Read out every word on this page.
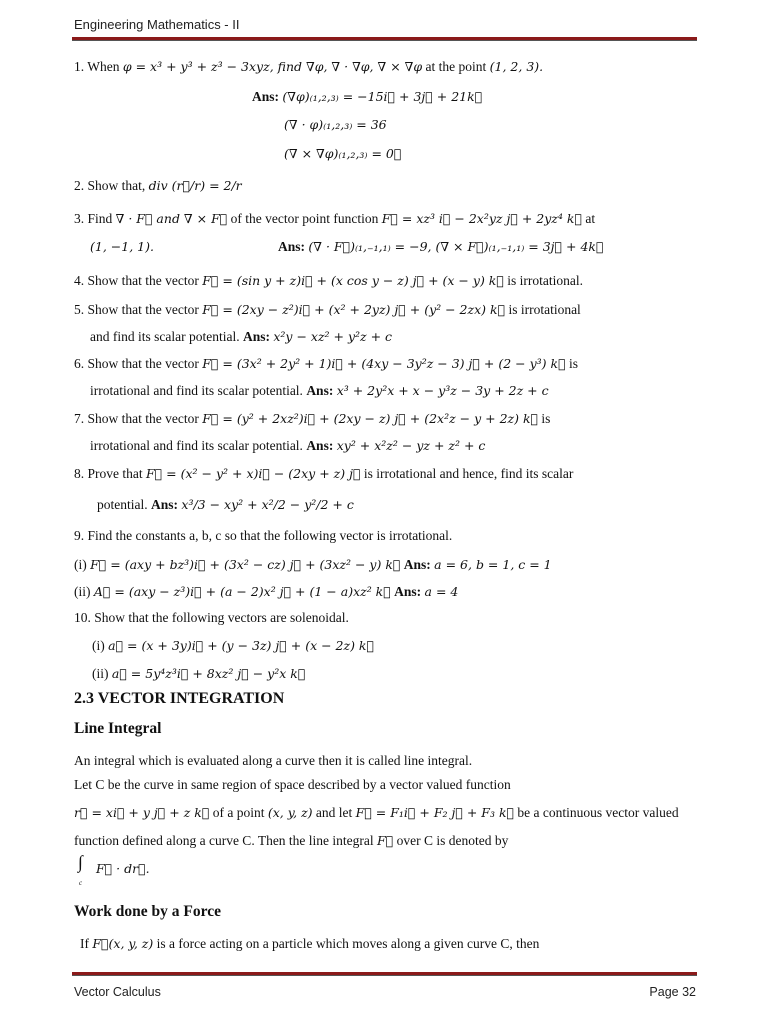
Engineering Mathematics - II
1. When φ = x³ + y³ + z³ − 3xyz, find ∇φ, ∇ · ∇φ, ∇ × ∇φ at the point (1, 2, 3).
Ans: (∇φ)₍₁,₂,₃₎ = −15i⃗ + 3j⃗ + 21k⃗
(∇ · φ)₍₁,₂,₃₎ = 36
(∇ × ∇φ)₍₁,₂,₃₎ = 0⃗
2. Show that, div (r⃗/r) = 2/r
3. Find ∇ · F⃗ and ∇ × F⃗ of the vector point function F⃗ = xz³ i⃗ − 2x²yz j⃗ + 2yz⁴ k⃗ at
(1, −1, 1).	Ans: (∇ · F⃗)₍₁,₋₁,₁₎ = −9, (∇ × F⃗)₍₁,₋₁,₁₎ = 3j⃗ + 4k⃗
4. Show that the vector F⃗ = (sin y + z)i⃗ + (x cos y − z) j⃗ + (x − y) k⃗ is irrotational.
5. Show that the vector F⃗ = (2xy − z²)i⃗ + (x² + 2yz) j⃗ + (y² − 2zx) k⃗ is irrotational
and find its scalar potential. Ans: x²y − xz² + y²z + c
6. Show that the vector F⃗ = (3x² + 2y² + 1)i⃗ + (4xy − 3y²z − 3) j⃗ + (2 − y³) k⃗ is
irrotational and find its scalar potential. Ans: x³ + 2y²x + x − y³z − 3y + 2z + c
7. Show that the vector F⃗ = (y² + 2xz²)i⃗ + (2xy − z) j⃗ + (2x²z − y + 2z) k⃗ is
irrotational and find its scalar potential. Ans: xy² + x²z² − yz + z² + c
8. Prove that F⃗ = (x² − y² + x)i⃗ − (2xy + z) j⃗ is irrotational and hence, find its scalar
potential. Ans: x³/3 − xy² + x²/2 − y²/2 + c
9. Find the constants a, b, c so that the following vector is irrotational.
(i) F⃗ = (axy + bz³)i⃗ + (3x² − cz) j⃗ + (3xz² − y) k⃗ Ans: a = 6, b = 1, c = 1
(ii) A⃗ = (axy − z³)i⃗ + (a − 2)x² j⃗ + (1 − a)xz² k⃗ Ans: a = 4
10. Show that the following vectors are solenoidal.
(i) a⃗ = (x + 3y)i⃗ + (y − 3z) j⃗ + (x − 2z) k⃗
(ii) a⃗ = 5y⁴z³i⃗ + 8xz² j⃗ − y²x k⃗
An integral which is evaluated along a curve then it is called line integral.
Let C be the curve in same region of space described by a vector valued function
r⃗ = xi⃗ + y j⃗ + z k⃗ of a point (x, y, z) and let F⃗ = F₁i⃗ + F₂ j⃗ + F₃ k⃗ be a continuous vector valued
function defined along a curve C. Then the line integral F⃗ over C is denoted by
F⃗ · dr⃗.
If F⃗(x, y, z) is a force acting on a particle which moves along a given curve C, then
2.3 VECTOR INTEGRATION
Line Integral
Work done by a Force
∫
c
Vector Calculus	Page 32
